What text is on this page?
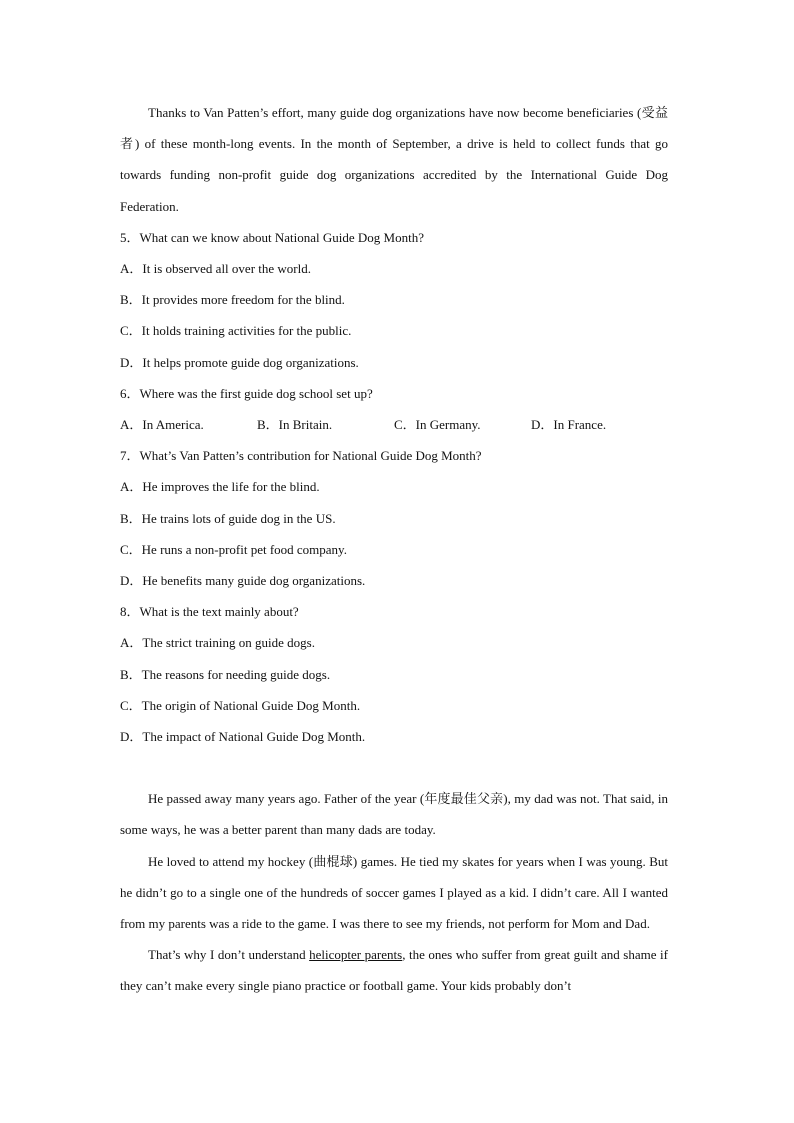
Thanks to Van Patten’s effort, many guide dog organizations have now become beneficiaries (受益者) of these month-long events. In the month of September, a drive is held to collect funds that go towards funding non-profit guide dog organizations accredited by the International Guide Dog Federation.

5．What can we know about National Guide Dog Month?

A．It is observed all over the world.

B．It provides more freedom for the blind.

C．It holds training activities for the public.

D．It helps promote guide dog organizations.

6．Where was the first guide dog school set up?

A．In America.	B．In Britain.	C．In Germany.	D．In France.

7．What’s Van Patten’s contribution for National Guide Dog Month?

A．He improves the life for the blind.

B．He trains lots of guide dog in the US.

C．He runs a non-profit pet food company.

D．He benefits many guide dog organizations.

8．What is the text mainly about?

A．The strict training on guide dogs.

B．The reasons for needing guide dogs.

C．The origin of National Guide Dog Month.

D．The impact of National Guide Dog Month.

He passed away many years ago. Father of the year (年度最佳父亲), my dad was not. That said, in some ways, he was a better parent than many dads are today.

He loved to attend my hockey (曲棍球) games. He tied my skates for years when I was young. But he didn’t go to a single one of the hundreds of soccer games I played as a kid. I didn’t care. All I wanted from my parents was a ride to the game. I was there to see my friends, not perform for Mom and Dad.

That’s why I don’t understand helicopter parents, the ones who suffer from great guilt and shame if they can’t make every single piano practice or football game. Your kids probably don’t
